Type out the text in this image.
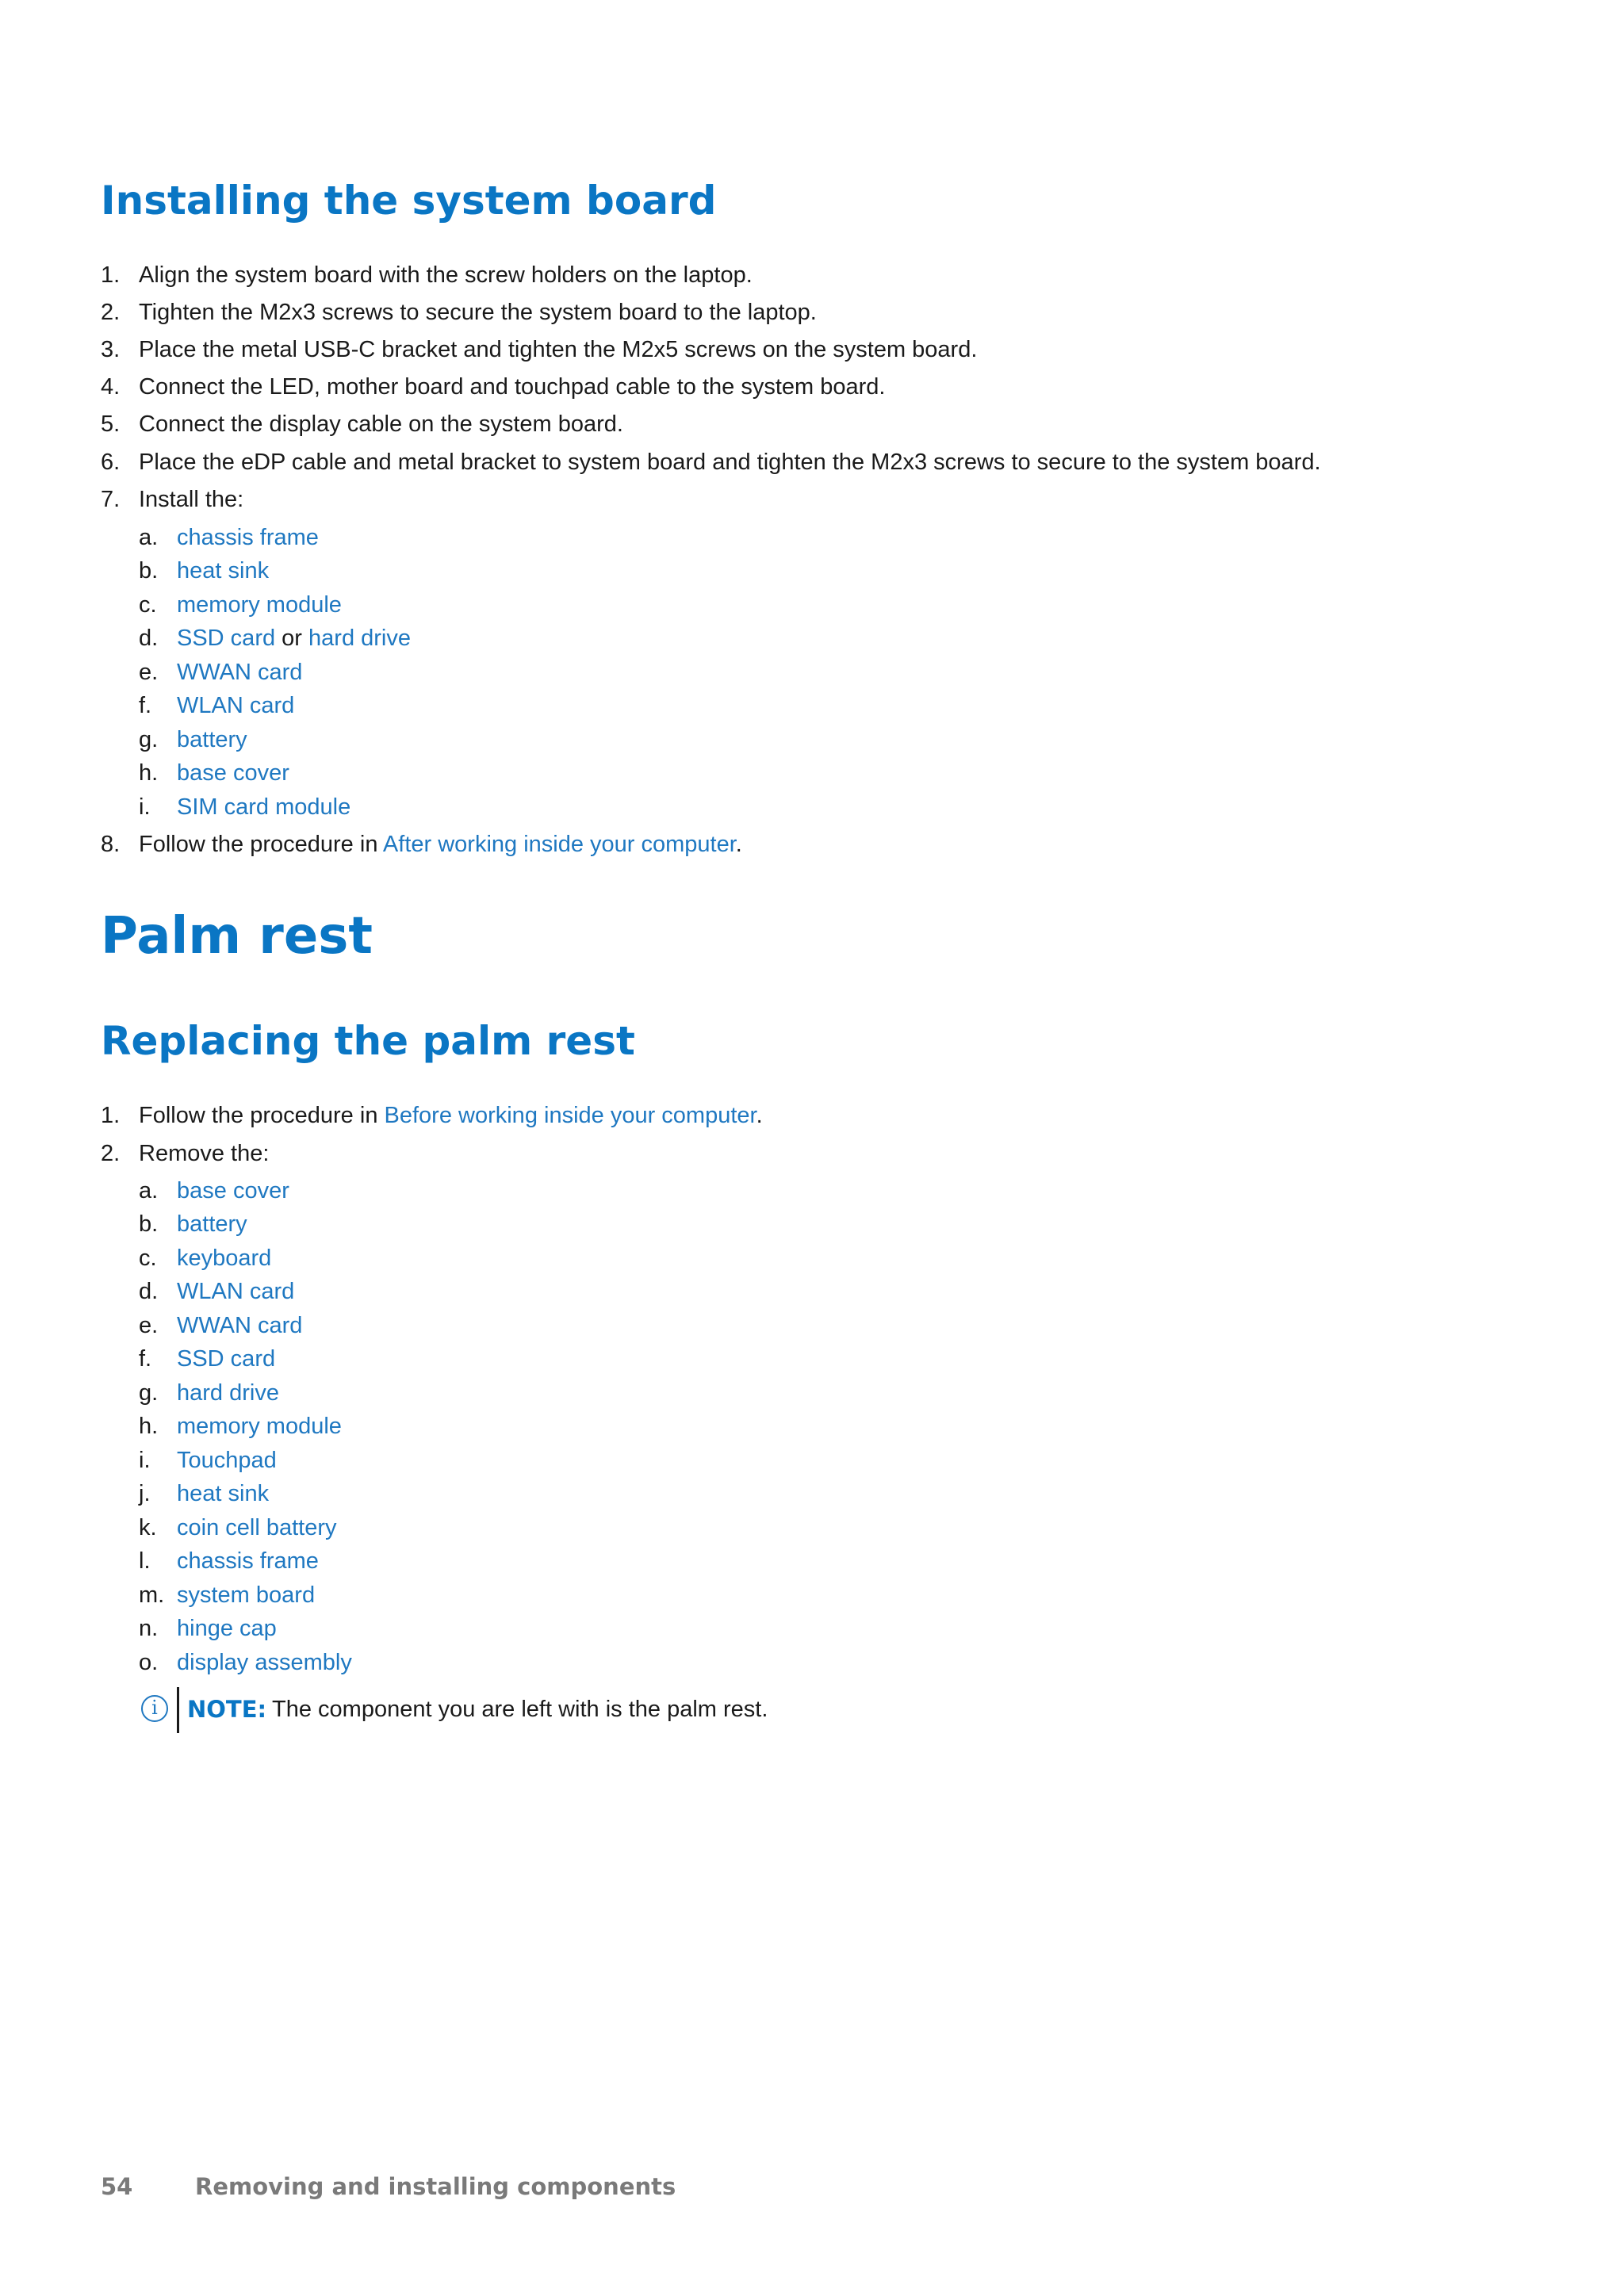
Installing the system board
1. Align the system board with the screw holders on the laptop.
2. Tighten the M2x3 screws to secure the system board to the laptop.
3. Place the metal USB-C bracket and tighten the M2x5 screws on the system board.
4. Connect the LED, mother board and touchpad cable to the system board.
5. Connect the display cable on the system board.
6. Place the eDP cable and metal bracket to system board and tighten the M2x3 screws to secure to the system board.
7. Install the:
a. chassis frame
b. heat sink
c. memory module
d. SSD card or hard drive
e. WWAN card
f. WLAN card
g. battery
h. base cover
i. SIM card module
8. Follow the procedure in After working inside your computer.
Palm rest
Replacing the palm rest
1. Follow the procedure in Before working inside your computer.
2. Remove the:
a. base cover
b. battery
c. keyboard
d. WLAN card
e. WWAN card
f. SSD card
g. hard drive
h. memory module
i. Touchpad
j. heat sink
k. coin cell battery
l. chassis frame
m. system board
n. hinge cap
o. display assembly
i	NOTE: The component you are left with is the palm rest.
54	Removing and installing components
